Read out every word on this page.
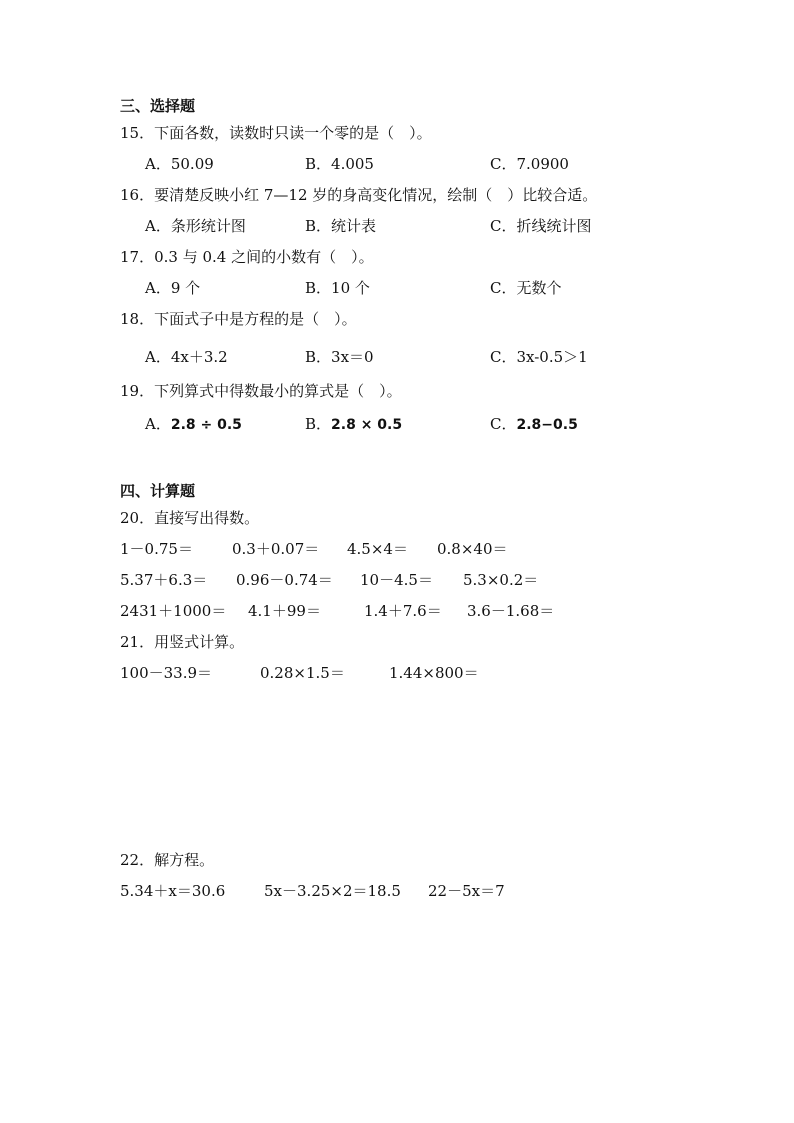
三、选择题
15．下面各数，读数时只读一个零的是（　）。
A．50.09	B．4.005	C．7.0900
16．要清楚反映小红 7—12 岁的身高变化情况，绘制（　）比较合适。
A．条形统计图	B．统计表	C．折线统计图
17．0.3 与 0.4 之间的小数有（　）。
A．9 个	B．10 个	C．无数个
18．下面式子中是方程的是（　）。
A．4x＋3.2	B．3x＝0	C．3x-0.5＞1
19．下列算式中得数最小的算式是（　）。
A．2.8 ÷ 0.5	B．2.8 × 0.5	C．2.8−0.5
四、计算题
20．直接写出得数。
1－0.75＝	0.3＋0.07＝ 4.5×4＝ 0.8×40＝
5.37＋6.3＝ 0.96－0.74＝ 10－4.5＝ 5.3×0.2＝
2431＋1000＝ 4.1＋99＝	1.4＋7.6＝ 3.6－1.68＝
21．用竖式计算。
100－33.9＝	0.28×1.5＝	1.44×800＝
22．解方程。
5.34＋x＝30.6	5x－3.25×2＝18.5 22－5x＝7
